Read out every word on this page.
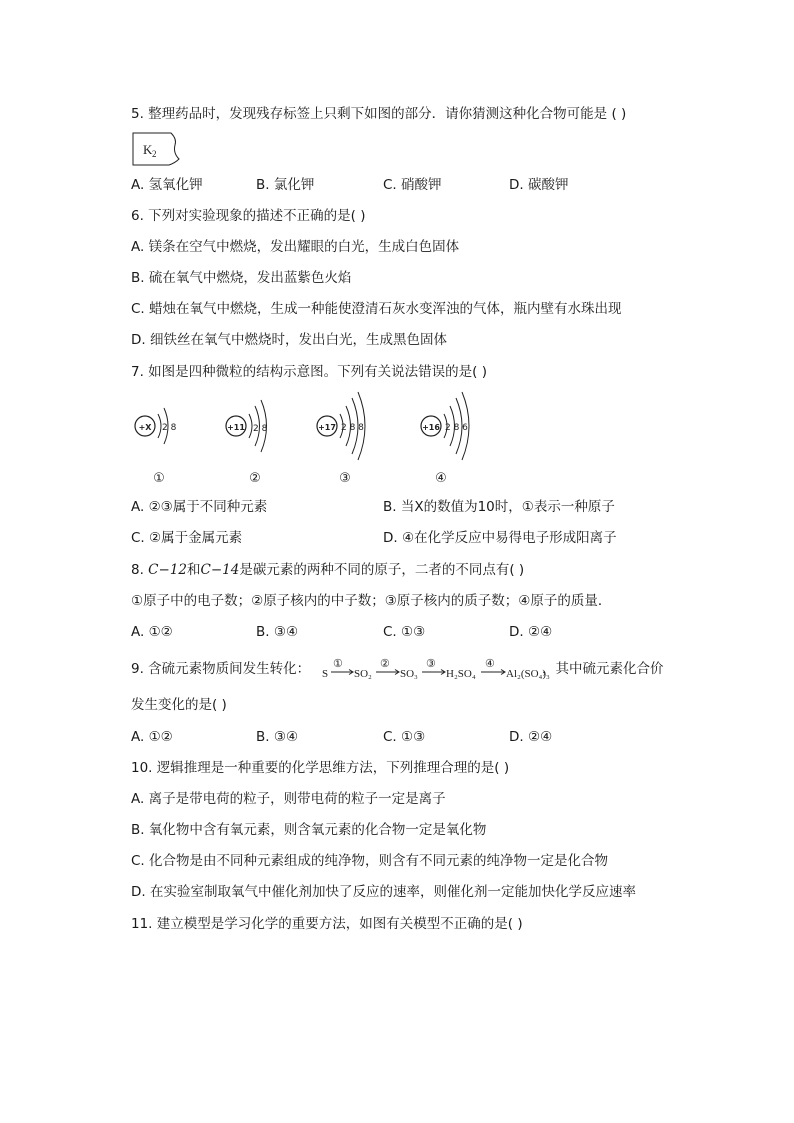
5. 整理药品时，发现残存标签上只剩下如图的部分．请你猜测这种化合物可能是 ( )
K 2
A. 氢氧化钾	B. 氯化钾	C. 硝酸钾	D. 碳酸钾
6. 下列对实验现象的描述不正确的是( )
A. 镁条在空气中燃烧，发出耀眼的白光，生成白色固体
B. 硫在氧气中燃烧，发出蓝紫色火焰
C. 蜡烛在氧气中燃烧，生成一种能使澄清石灰水变浑浊的气体，瓶内壁有水珠出现
D. 细铁丝在氧气中燃烧时，发出白光，生成黑色固体
7. 如图是四种微粒的结构示意图。下列有关说法错误的是( )
+X 2 8
①
+11 2 8
②
+17 2 8 8
③
+16 2 8 6
④
A. ②③属于不同种元素	B. 当X的数值为10时，①表示一种原子
C. ②属于金属元素	D. ④在化学反应中易得电子形成阳离子
8. C−12和C−14是碳元素的两种不同的原子，二者的不同点有( )
①原子中的电子数；②原子核内的中子数；③原子核内的质子数；④原子的质量．
A. ①②	B. ③④	C. ①③	D. ②④
9. 含硫元素物质间发生转化： S
①
SO₂
②
SO₃
③
H₂SO₄
④
Al₂(SO₄)₃
，其中硫元素化合价
发生变化的是( )
A. ①②	B. ③④	C. ①③	D. ②④
10. 逻辑推理是一种重要的化学思维方法，下列推理合理的是( )
A. 离子是带电荷的粒子，则带电荷的粒子一定是离子
B. 氧化物中含有氧元素，则含氧元素的化合物一定是氧化物
C. 化合物是由不同种元素组成的纯净物，则含有不同元素的纯净物一定是化合物
D. 在实验室制取氧气中催化剂加快了反应的速率，则催化剂一定能加快化学反应速率
11. 建立模型是学习化学的重要方法，如图有关模型不正确的是( )
